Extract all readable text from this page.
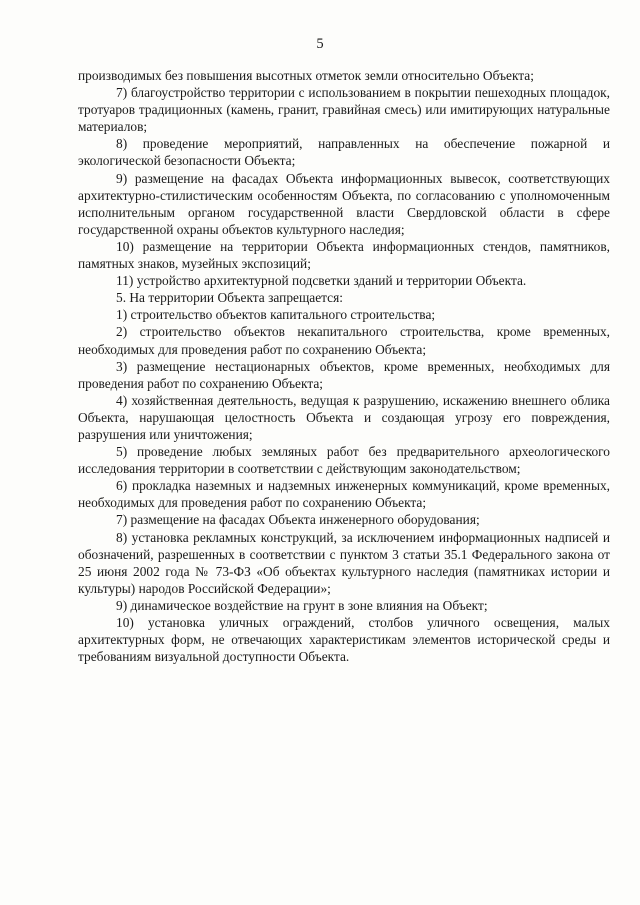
5

производимых без повышения высотных отметок земли относительно Объекта;

7) благоустройство территории с использованием в покрытии пешеходных площадок, тротуаров традиционных (камень, гранит, гравийная смесь) или имитирующих натуральные материалов;

8) проведение мероприятий, направленных на обеспечение пожарной и экологической безопасности Объекта;

9) размещение на фасадах Объекта информационных вывесок, соответствующих архитектурно-стилистическим особенностям Объекта, по согласованию с уполномоченным исполнительным органом государственной власти Свердловской области в сфере государственной охраны объектов культурного наследия;

10) размещение на территории Объекта информационных стендов, памятников, памятных знаков, музейных экспозиций;

11) устройство архитектурной подсветки зданий и территории Объекта.

5. На территории Объекта запрещается:

1) строительство объектов капитального строительства;

2) строительство объектов некапитального строительства, кроме временных, необходимых для проведения работ по сохранению Объекта;

3) размещение нестационарных объектов, кроме временных, необходимых для проведения работ по сохранению Объекта;

4) хозяйственная деятельность, ведущая к разрушению, искажению внешнего облика Объекта, нарушающая целостность Объекта и создающая угрозу его повреждения, разрушения или уничтожения;

5) проведение любых земляных работ без предварительного археологического исследования территории в соответствии с действующим законодательством;

6) прокладка наземных и надземных инженерных коммуникаций, кроме временных, необходимых для проведения работ по сохранению Объекта;

7) размещение на фасадах Объекта инженерного оборудования;

8) установка рекламных конструкций, за исключением информационных надписей и обозначений, разрешенных в соответствии с пунктом 3 статьи 35.1 Федерального закона от 25 июня 2002 года № 73-ФЗ «Об объектах культурного наследия (памятниках истории и культуры) народов Российской Федерации»;

9) динамическое воздействие на грунт в зоне влияния на Объект;

10) установка уличных ограждений, столбов уличного освещения, малых архитектурных форм, не отвечающих характеристикам элементов исторической среды и требованиям визуальной доступности Объекта.
